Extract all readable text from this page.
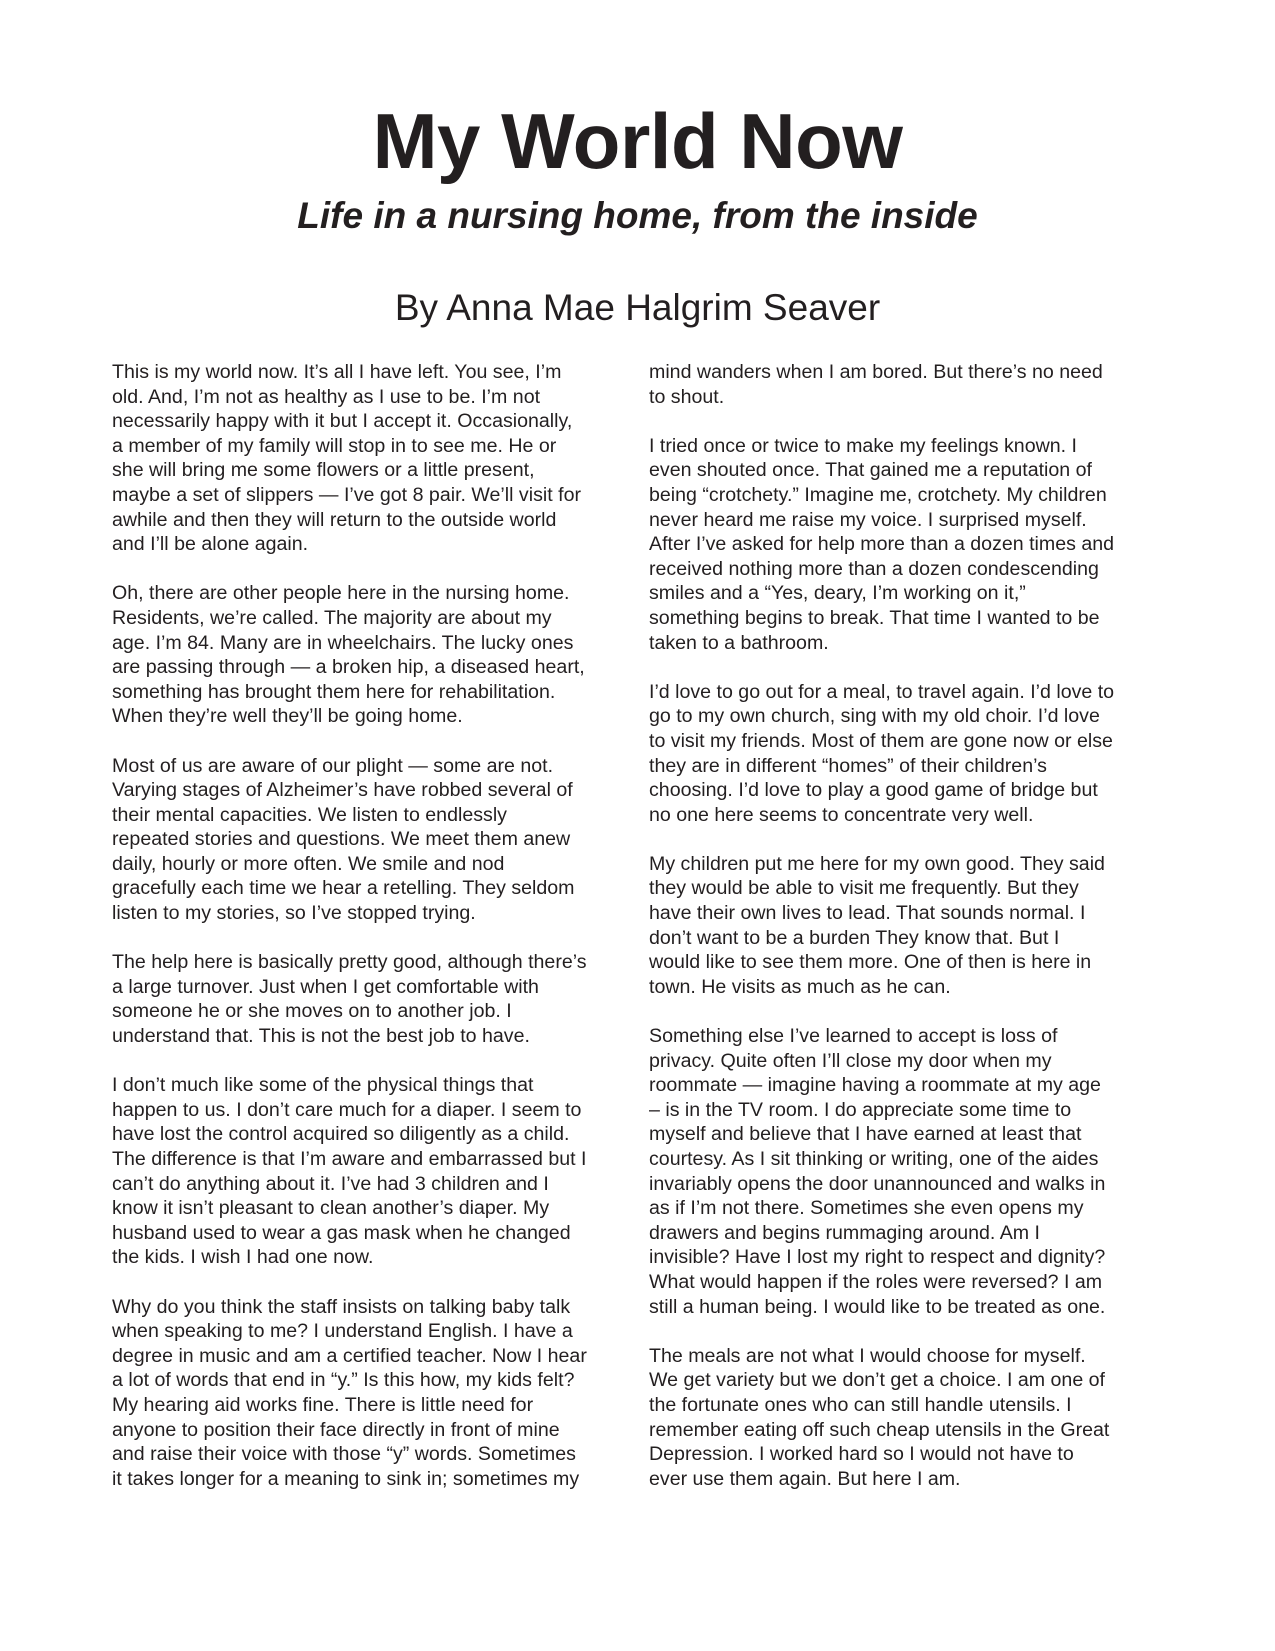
My World Now
Life in a nursing home, from the inside
By Anna Mae Halgrim Seaver

This is my world now. It’s all I have left. You see, I’m
old. And, I’m not as healthy as I use to be. I’m not
necessarily happy with it but I accept it. Occasionally,
a member of my family will stop in to see me. He or
she will bring me some flowers or a little present,
maybe a set of slippers — I’ve got 8 pair. We’ll visit for
awhile and then they will return to the outside world
and I’ll be alone again.

Oh, there are other people here in the nursing home.
Residents, we’re called. The majority are about my
age. I’m 84. Many are in wheelchairs. The lucky ones
are passing through — a broken hip, a diseased heart,
something has brought them here for rehabilitation.
When they’re well they’ll be going home.

Most of us are aware of our plight — some are not.
Varying stages of Alzheimer’s have robbed several of
their mental capacities. We listen to endlessly
repeated stories and questions. We meet them anew
daily, hourly or more often. We smile and nod
gracefully each time we hear a retelling. They seldom
listen to my stories, so I’ve stopped trying.

The help here is basically pretty good, although there’s
a large turnover. Just when I get comfortable with
someone he or she moves on to another job. I
understand that. This is not the best job to have.

I don’t much like some of the physical things that
happen to us. I don’t care much for a diaper. I seem to
have lost the control acquired so diligently as a child.
The difference is that I’m aware and embarrassed but I
can’t do anything about it. I’ve had 3 children and I
know it isn’t pleasant to clean another’s diaper. My
husband used to wear a gas mask when he changed
the kids. I wish I had one now.

Why do you think the staff insists on talking baby talk
when speaking to me? I understand English. I have a
degree in music and am a certified teacher. Now I hear
a lot of words that end in “y.” Is this how, my kids felt?
My hearing aid works fine. There is little need for
anyone to position their face directly in front of mine
and raise their voice with those “y” words. Sometimes
it takes longer for a meaning to sink in; sometimes my

mind wanders when I am bored. But there’s no need
to shout.

I tried once or twice to make my feelings known. I
even shouted once. That gained me a reputation of
being “crotchety.” Imagine me, crotchety. My children
never heard me raise my voice. I surprised myself.
After I’ve asked for help more than a dozen times and
received nothing more than a dozen condescending
smiles and a “Yes, deary, I’m working on it,”
something begins to break. That time I wanted to be
taken to a bathroom.

I’d love to go out for a meal, to travel again. I’d love to
go to my own church, sing with my old choir. I’d love
to visit my friends. Most of them are gone now or else
they are in different “homes” of their children’s
choosing. I’d love to play a good game of bridge but
no one here seems to concentrate very well.

My children put me here for my own good. They said
they would be able to visit me frequently. But they
have their own lives to lead. That sounds normal. I
don’t want to be a burden They know that. But I
would like to see them more. One of then is here in
town. He visits as much as he can.

Something else I’ve learned to accept is loss of
privacy. Quite often I’ll close my door when my
roommate — imagine having a roommate at my age
– is in the TV room. I do appreciate some time to
myself and believe that I have earned at least that
courtesy. As I sit thinking or writing, one of the aides
invariably opens the door unannounced and walks in
as if I’m not there. Sometimes she even opens my
drawers and begins rummaging around. Am I
invisible? Have I lost my right to respect and dignity?
What would happen if the roles were reversed? I am
still a human being. I would like to be treated as one.

The meals are not what I would choose for myself.
We get variety but we don’t get a choice. I am one of
the fortunate ones who can still handle utensils. I
remember eating off such cheap utensils in the Great
Depression. I worked hard so I would not have to
ever use them again. But here I am.
